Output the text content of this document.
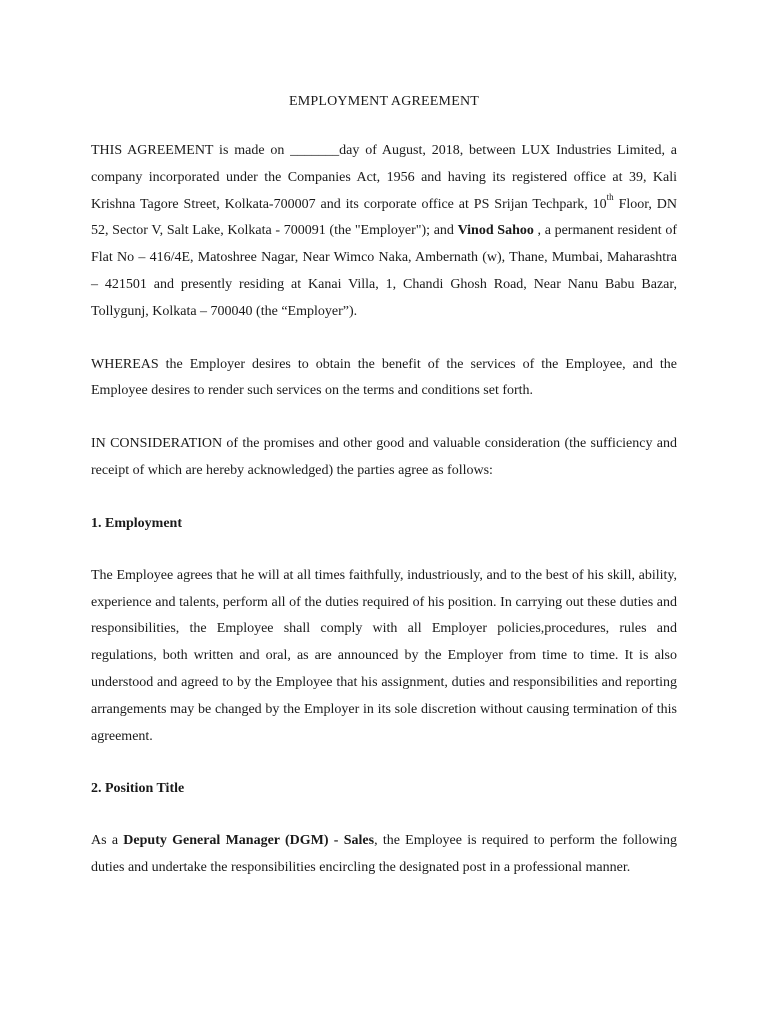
EMPLOYMENT AGREEMENT

THIS AGREEMENT is made on _______day of August, 2018, between LUX Industries Limited, a company incorporated under the Companies Act, 1956 and having its registered office at 39, Kali Krishna Tagore Street, Kolkata-700007 and its corporate office at PS Srijan Techpark, 10th Floor, DN 52, Sector V, Salt Lake, Kolkata - 700091 (the "Employer"); and Vinod Sahoo , a permanent resident of Flat No – 416/4E, Matoshree Nagar, Near Wimco Naka, Ambernath (w), Thane, Mumbai, Maharashtra – 421501 and presently residing at Kanai Villa, 1, Chandi Ghosh Road, Near Nanu Babu Bazar, Tollygunj, Kolkata – 700040 (the “Employer”).

WHEREAS the Employer desires to obtain the benefit of the services of the Employee, and the Employee desires to render such services on the terms and conditions set forth.

IN CONSIDERATION of the promises and other good and valuable consideration (the sufficiency and receipt of which are hereby acknowledged) the parties agree as follows:

1. Employment

The Employee agrees that he will at all times faithfully, industriously, and to the best of his skill, ability, experience and talents, perform all of the duties required of his position. In carrying out these duties and responsibilities, the Employee shall comply with all Employer policies,procedures, rules and regulations, both written and oral, as are announced by the Employer from time to time. It is also understood and agreed to by the Employee that his assignment, duties and responsibilities and reporting arrangements may be changed by the Employer in its sole discretion without causing termination of this agreement.

2. Position Title

As a Deputy General Manager (DGM) - Sales, the Employee is required to perform the following duties and undertake the responsibilities encircling the designated post in a professional manner.
